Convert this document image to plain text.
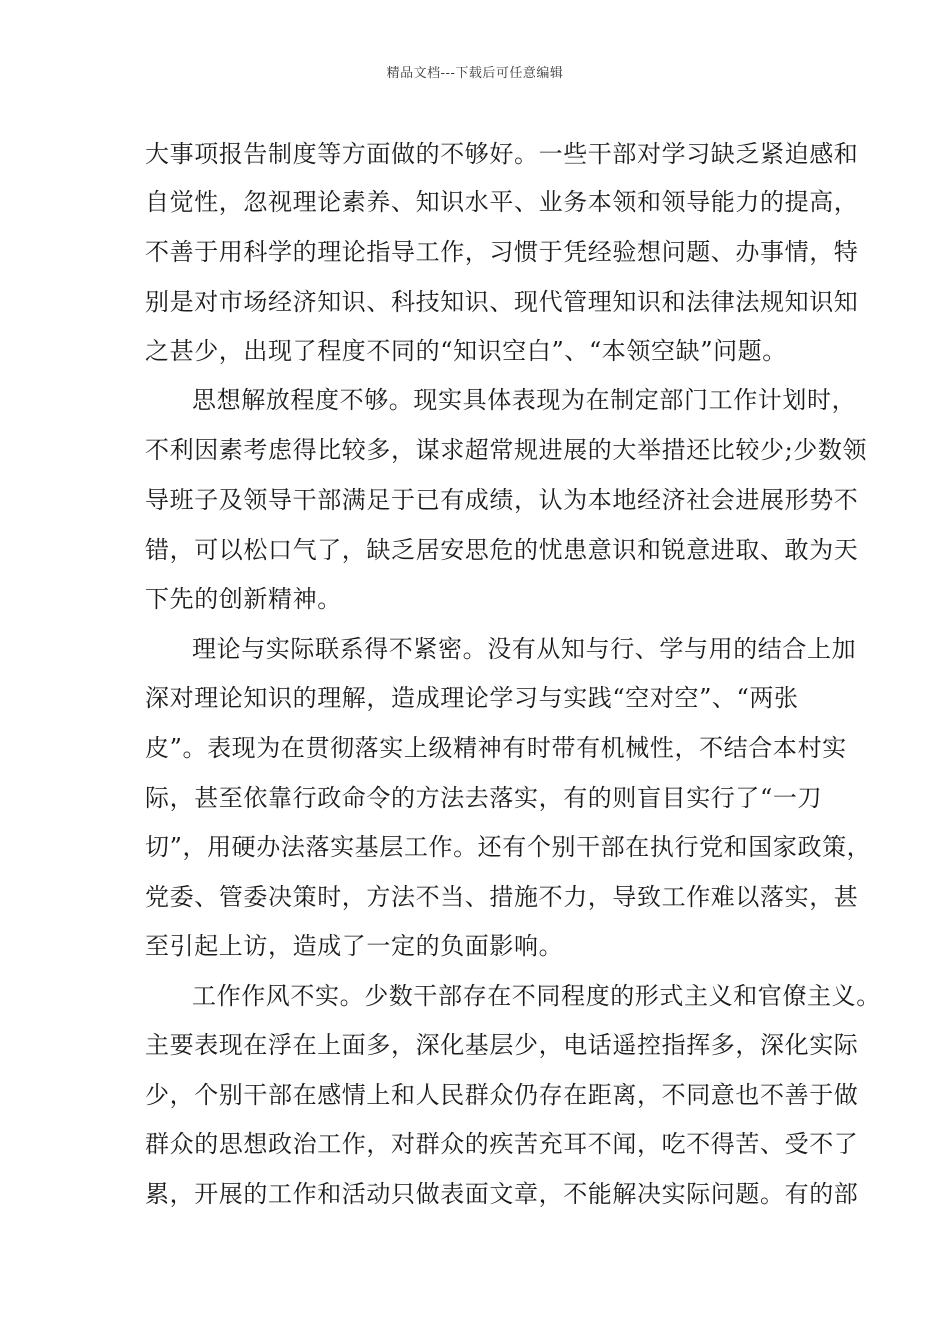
精品文档---下载后可任意编辑
大事项报告制度等方面做的不够好。一些干部对学习缺乏紧迫感和
自觉性，忽视理论素养、知识水平、业务本领和领导能力的提高，
不善于用科学的理论指导工作，习惯于凭经验想问题、办事情，特
别是对市场经济知识、科技知识、现代管理知识和法律法规知识知
之甚少，出现了程度不同的“知识空白”、“本领空缺”问题。
思想解放程度不够。现实具体表现为在制定部门工作计划时，
不利因素考虑得比较多，谋求超常规进展的大举措还比较少;少数领
导班子及领导干部满足于已有成绩，认为本地经济社会进展形势不
错，可以松口气了，缺乏居安思危的忧患意识和锐意进取、敢为天
下先的创新精神。
理论与实际联系得不紧密。没有从知与行、学与用的结合上加
深对理论知识的理解，造成理论学习与实践“空对空”、“两张
皮”。表现为在贯彻落实上级精神有时带有机械性，不结合本村实
际，甚至依靠行政命令的方法去落实，有的则盲目实行了“一刀
切”，用硬办法落实基层工作。还有个别干部在执行党和国家政策，
党委、管委决策时，方法不当、措施不力，导致工作难以落实，甚
至引起上访，造成了一定的负面影响。
工作作风不实。少数干部存在不同程度的形式主义和官僚主义。
主要表现在浮在上面多，深化基层少，电话遥控指挥多，深化实际
少，个别干部在感情上和人民群众仍存在距离，不同意也不善于做
群众的思想政治工作，对群众的疾苦充耳不闻，吃不得苦、受不了
累，开展的工作和活动只做表面文章，不能解决实际问题。有的部
